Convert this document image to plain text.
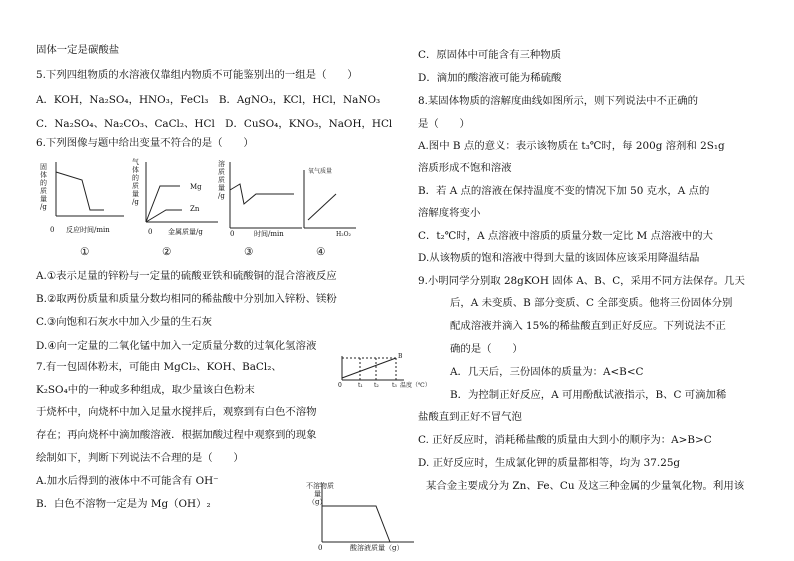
固体一定是碳酸盐
5.下列四组物质的水溶液仅靠组内物质不可能鉴别出的一组是（　　）
A．KOH，Na₂SO₄，HNO₃，FeCl₃　B．AgNO₃，KCl，HCl，NaNO₃
C．Na₂SO₄、Na₂CO₃、CaCl₂、HCl　D．CuSO₄，KNO₃，NaOH，HCl
6.下列图像与题中给出变量不符合的是（　　）
固
体
的
质
量
/g
0 反应时间/min
①
气
体
的
质
量
/g
Mg
Zn
0 金属质量/g
②
溶
质
质
量
/g
0	时间/min
③
氧气质量
H₂O₂
④
A.①表示足量的锌粉与一定量的硫酸亚铁和硫酸铜的混合溶液反应
B.②取两份质量和质量分数均相同的稀盐酸中分别加入锌粉、镁粉
C.③向饱和石灰水中加入少量的生石灰
D.④向一定量的二氧化锰中加入一定质量分数的过氧化氢溶液
B
0	t₁ t₂ t₃ 温度（℃）
7.有一包固体粉末，可能由 MgCl₂、KOH、BaCl₂、
K₂SO₄中的一种或多种组成，取少量该白色粉末
于烧杯中，向烧杯中加入足量水搅拌后，观察到有白色不溶物
存在；再向烧杯中滴加酸溶液．根据加酸过程中观察到的现象
绘制如下，判断下列说法不合理的是（　　）
A.加水后得到的液体中不可能含有 OH⁻
B．白色不溶物一定是为 Mg（OH）₂
不溶物质
量
（g）
0	酸溶液质量（g）
C．原固体中可能含有三种物质
D．滴加的酸溶液可能为稀硫酸
8.某固体物质的溶解度曲线如图所示，则下列说法中不正确的
是（　　）
A.图中 B 点的意义：表示该物质在 t₃℃时，每 200g 溶剂和 2S₁g
溶质形成不饱和溶液
B．若 A 点的溶液在保持温度不变的情况下加 50 克水，A 点的
溶解度将变小
C．t₂℃时，A 点溶液中溶质的质量分数一定比 M 点溶液中的大
D.从该物质的饱和溶液中得到大量的该固体应该采用降温结晶
9.小明同学分别取 28gKOH 固体 A、B、C，采用不同方法保存。几天
后，A 未变质、B 部分变质、C 全部变质。他将三份固体分别
配成溶液并滴入 15%的稀盐酸直到正好反应。下列说法不正
确的是（　　）
A．几天后，三份固体的质量为：A<B<C
B．为控制正好反应，A 可用酚酞试液指示，B、C 可滴加稀
盐酸直到正好不冒气泡
C. 正好反应时，消耗稀盐酸的质量由大到小的顺序为：A>B>C
D. 正好反应时，生成氯化钾的质量都相等，均为 37.25g
某合金主要成分为 Zn、Fe、Cu 及这三种金属的少量氧化物。利用该
